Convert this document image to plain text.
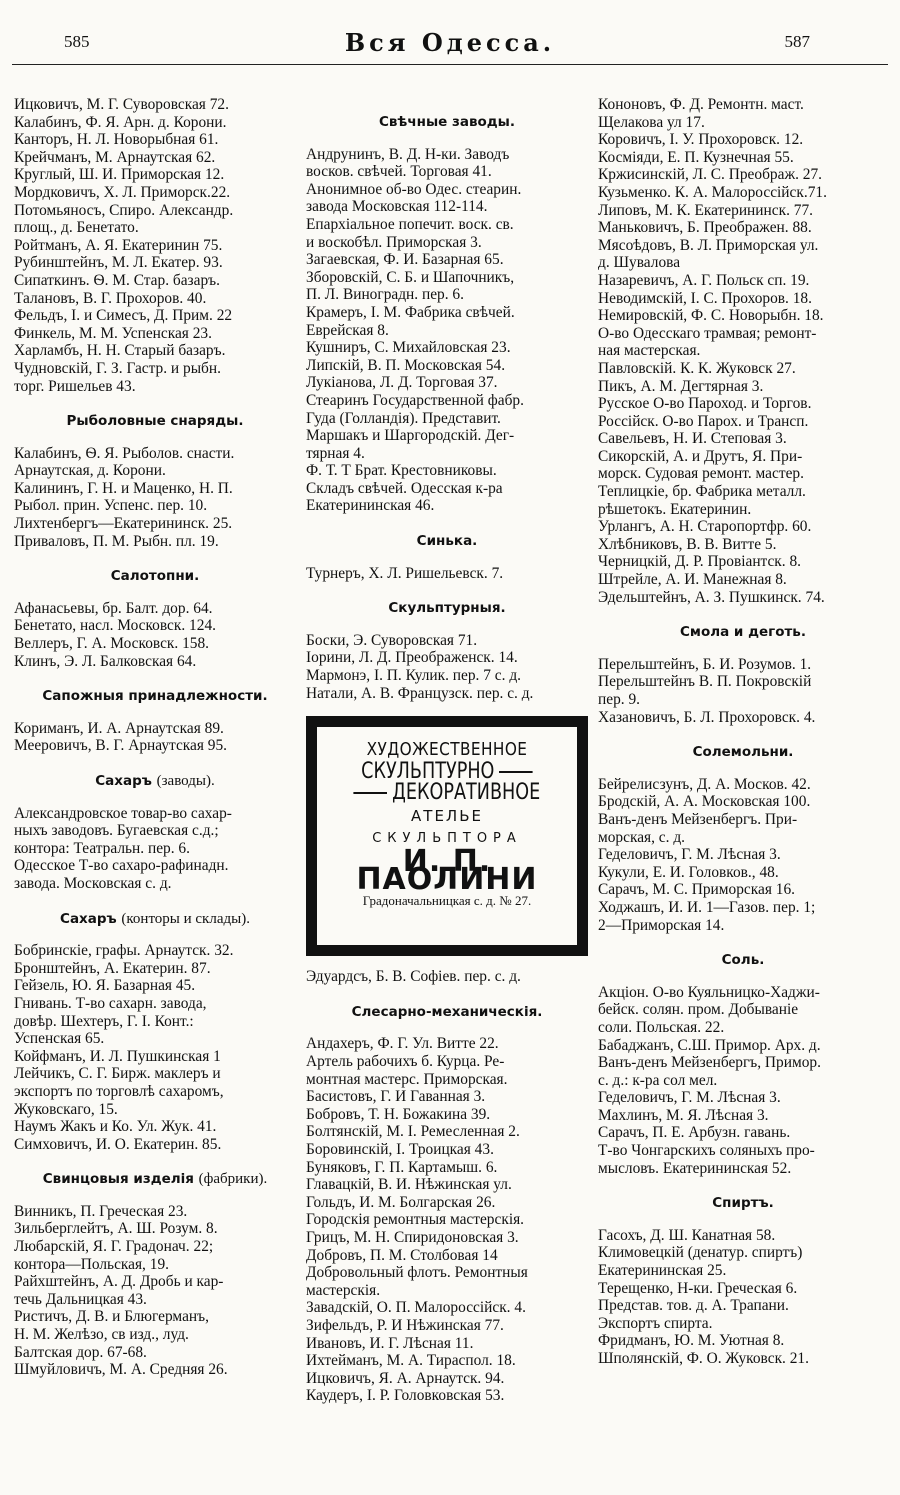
585	Вся Одесса.	587
Ицковичъ, М. Г. Суворовская 72.
Калабинъ, Ф. Я. Арн. д. Корони.
Канторъ, Н. Л. Новорыбная 61.
Крейчманъ, М. Арнаутская 62.
Круглый, Ш. И. Приморская 12.
Мордковичъ, Х. Л. Приморск.22.
Потомьяносъ, Спиро. Александр.
площ., д. Бенетато.
Ройтманъ, А. Я. Екатеринин 75.
Рубинштейнъ, М. Л. Екатер. 93.
Сипаткинъ. Ѳ. М. Стар. базаръ.
Талановъ, В. Г. Прохоров. 40.
Фельдъ, І. и Симесъ, Д. Прим. 22
Финкель, М. М. Успенская 23.
Харламбъ, Н. Н. Старый базаръ.
Чудновскій, Г. З. Гастр. и рыбн.
торг. Ришельев 43.
Рыболовные снаряды.
Калабинъ, Ѳ. Я. Рыболов. снасти.
Арнаутская, д. Корони.
Калининъ, Г. Н. и Маценко, Н. П.
Рыбол. прин. Успенс. пер. 10.
Лихтенбергъ—Екатерининск. 25.
Приваловъ, П. М. Рыбн. пл. 19.
Салотопни.
Афанасьевы, бр. Балт. дор. 64.
Бенетато, насл. Московск. 124.
Веллеръ, Г. А. Московск. 158.
Клинъ, Э. Л. Балковская 64.
Сапожныя принадлежности.
Кориманъ, И. А. Арнаутская 89.
Мееровичъ, В. Г. Арнаутская 95.
Сахаръ (заводы).
Александровское товар-во сахар-
ныхъ заводовъ. Бугаевская с.д.;
контора: Театральн. пер. 6.
Одесское Т-во сахаро-рафинадн.
завода. Московская с. д.
Сахаръ (конторы и склады).
Бобринскіе, графы. Арнаутск. 32.
Бронштейнъ, А. Екатерин. 87.
Гейзель, Ю. Я. Базарная 45.
Гнивань. Т-во сахарн. завода,
довѣр. Шехтеръ, Г. І. Конт.:
Успенская 65.
Койфманъ, И. Л. Пушкинская 1
Лейчикъ, С. Г. Бирж. маклеръ и
экспортъ по торговлѣ сахаромъ,
Жуковскаго, 15.
Наумъ Жакъ и Ко. Ул. Жук. 41.
Симховичъ, И. О. Екатерин. 85.
Свинцовыя изделія (фабрики).
Винникъ, П. Греческая 23.
Зильберглейтъ, А. Ш. Розум. 8.
Любарскій, Я. Г. Градонач. 22;
контора—Польская, 19.
Райхштейнъ, А. Д. Дробь и кар-
течь Дальницкая 43.
Ристичъ, Д. В. и Блюгерманъ,
Н. М. Желѣзо, св изд., луд.
Балтская дор. 67-68.
Шмуйловичъ, М. А. Средняя 26.
Свѣчные заводы.
Андрунинъ, В. Д. Н-ки. Заводъ
восков. свѣчей. Торговая 41.
Анонимное об-во Одес. стеарин.
завода Московская 112-114.
Епархіальное попечит. воск. св.
и воскобѣл. Приморская 3.
Загаевская, Ф. И. Базарная 65.
Зборовскій, С. Б. и Шапочникъ,
П. Л. Виноградн. пер. 6.
Крамеръ, І. М. Фабрика свѣчей.
Еврейская 8.
Кушниръ, С. Михайловская 23.
Липскій, В. П. Московская 54.
Лукіанова, Л. Д. Торговая 37.
Стеаринъ Государственной фабр.
Гуда (Голландія). Представит.
Маршакъ и Шаргородскій. Дег-
тярная 4.
Ф. Т. Т Брат. Крестовниковы.
Складъ свѣчей. Одесская к-ра
Екатерининская 46.
Синька.
Турнеръ, Х. Л. Ришельевск. 7.
Скульптурныя.
Боски, Э. Суворовская 71.
Іорини, Л. Д. Преображенск. 14.
Мармонэ, І. П. Кулик. пер. 7 с. д.
Натали, А. В. Французск. пер. с. д.
ХУДОЖЕСТВЕННОЕ
СКУЛЬПТУРНО
ДЕКОРАТИВНОЕ
АТЕЛЬЕ
СКУЛЬПТОРА
И. П. ПАОЛИНИ
Градоначальницкая с. д. № 27.
Эдуардсъ, Б. В. Софіев. пер. с. д.
Слесарно-механическія.
Андахеръ, Ф. Г. Ул. Витте 22.
Артель рабочихъ б. Курца. Ре-
монтная мастерс. Приморская.
Басистовъ, Г. И Гаванная 3.
Бобровъ, Т. Н. Божакина 39.
Болтянскій, М. І. Ремесленная 2.
Боровинскій, І. Троицкая 43.
Буняковъ, Г. П. Картамыш. 6.
Главацкій, В. И. Нѣжинская ул.
Гольдъ, И. М. Болгарская 26.
Городскія ремонтныя мастерскія.
Грицъ, М. Н. Спиридоновская 3.
Добровъ, П. М. Столбовая 14
Добровольный флотъ. Ремонтныя
мастерскія.
Завадскій, О. П. Малороссійск. 4.
Зифельдъ, Р. И Нѣжинская 77.
Ивановъ, И. Г. Лѣсная 11.
Ихтейманъ, М. А. Тираспол. 18.
Ицковичъ, Я. А. Арнаутск. 94.
Каудеръ, І. Р. Головковская 53.
Кононовъ, Ф. Д. Ремонтн. маст.
Щелакова ул 17.
Коровичъ, І. У. Прохоровск. 12.
Косміяди, Е. П. Кузнечная 55.
Кржисинскій, Л. С. Преображ. 27.
Кузьменко. К. А. Малороссійск.71.
Липовъ, М. К. Екатерининск. 77.
Маньковичъ, Б. Преображен. 88.
Мясоѣдовъ, В. Л. Приморская ул.
д. Шувалова
Назаревичъ, А. Г. Польск сп. 19.
Неводимскій, І. С. Прохоров. 18.
Немировскій, Ф. С. Новорыбн. 18.
О-во Одесскаго трамвая; ремонт-
ная мастерская.
Павловскій. К. К. Жуковск 27.
Пикъ, А. М. Дегтярная 3.
Русское О-во Пароход. и Торгов.
Россійск. О-во Парох. и Трансп.
Савельевъ, Н. И. Степовая 3.
Сикорскій, А. и Друтъ, Я. При-
морск. Судовая ремонт. мастер.
Теплицкіе, бр. Фабрика металл.
рѣшетокъ. Екатеринин.
Урлангъ, А. Н. Старопортфр. 60.
Хлѣбниковъ, В. В. Витте 5.
Черницкій, Д. Р. Провіантск. 8.
Штрейле, А. И. Манежная 8.
Эдельштейнъ, А. З. Пушкинск. 74.
Смола и деготь.
Перельштейнъ, Б. И. Розумов. 1.
Перельштейнъ В. П. Покровскій
пер. 9.
Хазановичъ, Б. Л. Прохоровск. 4.
Солемольни.
Бейрелисзунъ, Д. А. Москов. 42.
Бродскій, А. А. Московская 100.
Ванъ-денъ Мейзенбергъ. При-
морская, с. д.
Геделовичъ, Г. М. Лѣсная 3.
Кукули, Е. И. Головков., 48.
Сарачъ, М. С. Приморская 16.
Ходжашъ, И. И. 1—Газов. пер. 1;
2—Приморская 14.
Соль.
Акціон. О-во Куяльницко-Хаджи-
бейск. солян. пром. Добываніе
соли. Польская. 22.
Бабаджанъ, С.Ш. Примор. Арх. д.
Ванъ-денъ Мейзенбергъ, Примор.
с. д.: к-ра сол мел.
Геделовичъ, Г. М. Лѣсная 3.
Махлинъ, М. Я. Лѣсная 3.
Сарачъ, П. Е. Арбузн. гавань.
Т-во Чонгарскихъ соляныхъ про-
мысловъ. Екатерининская 52.
Спиртъ.
Гасохъ, Д. Ш. Канатная 58.
Климовецкій (денатур. спиртъ)
Екатерининская 25.
Терещенко, Н-ки. Греческая 6.
Представ. тов. д. А. Трапани.
Экспортъ спирта.
Фридманъ, Ю. М. Уютная 8.
Шполянскій, Ф. О. Жуковск. 21.
